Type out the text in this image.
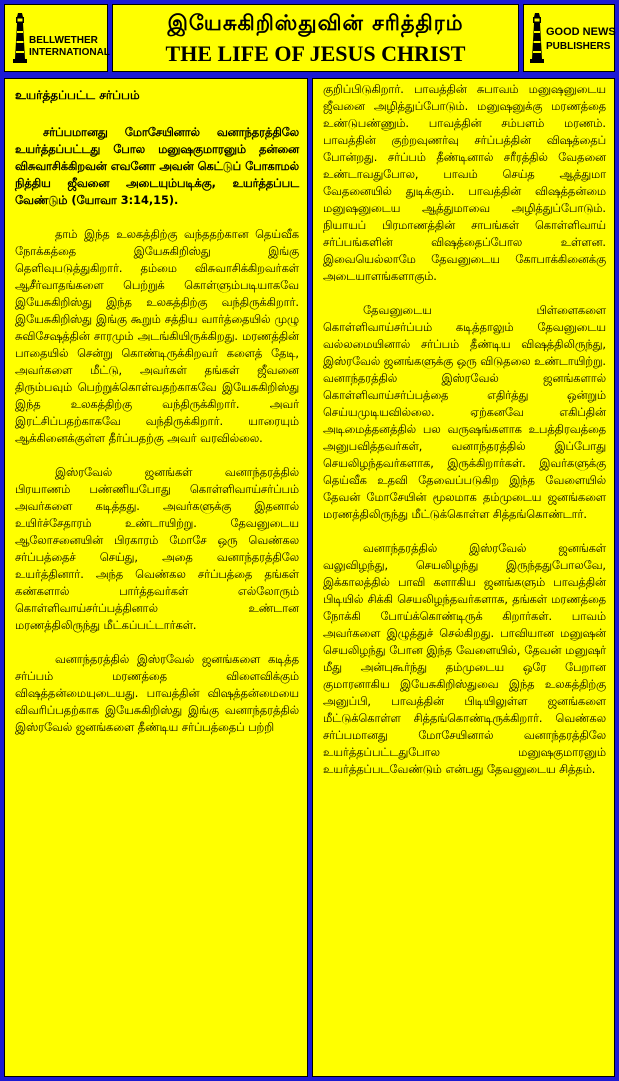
BELLWETHER
INTERNATIONAL
இயேசுகிறிஸ்துவின் சரித்திரம்
THE LIFE OF JESUS CHRIST
GOOD NEWS
PUBLISHERS

உயர்த்தப்பட்ட சர்ப்பம்

சர்ப்பமானது மோசேயினால் வனாந்தரத்திலே உயர்த்தப்பட்டது போல மனுஷகுமாரனும் தன்னை விசுவாசிக்கிறவன் எவனோ அவன் கெட்டுப் போகாமல் நித்திய ஜீவனை அடையும்படிக்கு, உயர்த்தப்பட வேண்டும் (யோவா 3:14,15).

தாம் இந்த உலகத்திற்கு வந்ததற்கான தெய்வீக நோக்கத்தை இயேசுகிறிஸ்து இங்கு தெளிவுபடுத்துகிறார். தம்மை விசுவாசிக்கிறவர்கள் ஆசீர்வாதங்களை பெற்றுக் கொள்ளும்படியாகவே இயேசுகிறிஸ்து இந்த உலகத்திற்கு வந்திருக்கிறார். இயேசுகிறிஸ்து இங்கு கூறும் சத்திய வார்த்தையில் முழு சுவிசேஷத்தின் சாரமும் அடங்கியிருக்கிறது. மரணத்தின் பாதையில் சென்று கொண்டிருக்கிறவர் களைத் தேடி, அவர்களை மீட்டு, அவர்கள் தங்கள் ஜீவனை திரும்பவும் பெற்றுக்கொள்வதற்காகவே இயேசுகிறிஸ்து இந்த உலகத்திற்கு வந்திருக்கிறார். அவர் இரட்சிப்பதற்காகவே வந்திருக்கிறார். யாரையும் ஆக்கினைக்குள்ள தீர்ப்பதற்கு அவர் வரவில்லை.

இஸ்ரவேல் ஜனங்கள் வனாந்தரத்தில் பிரயாணம் பண்ணியபோது கொள்ளிவாய்சர்ப்பம் அவர்களை கடித்தது. அவர்களுக்கு இதனால் உயிர்ச்சேதாரம் உண்டாயிற்று. தேவனுடைய ஆலோசனையின் பிரகாரம் மோசே ஒரு வெண்கல சர்ப்பத்தைச் செய்து, அதை வனாந்தரத்திலே உயர்த்தினார். அந்த வெண்கல சர்ப்பத்தை தங்கள் கண்களால் பார்த்தவர்கள் எல்லோரும் கொள்ளிவாய்சர்ப்பத்தினால் உண்டான மரணத்திலிருந்து மீட்கப்பட்டார்கள்.

வனாந்தரத்தில் இஸ்ரவேல் ஜனங்களை கடித்த சர்ப்பம் மரணத்தை விளைவிக்கும் விஷத்தன்மையுடையது. பாவத்தின் விஷத்தன்மையை விவரிப்பதற்காக இயேசுகிறிஸ்து இங்கு வனாந்தரத்தில் இஸ்ரவேல் ஜனங்களை தீண்டிய சர்ப்பத்தைப் பற்றி

குறிப்பிடுகிறார். பாவத்தின் சுபாவம் மனுஷனுடைய ஜீவனை அழித்துப்போடும். மனுஷனுக்கு மரணத்தை உண்டுபண்ணும். பாவத்தின் சம்பளம் மரணம். பாவத்தின் குற்றவுணர்வு சர்ப்பத்தின் விஷத்தைப் போன்றது. சர்ப்பம் தீண்டினால் சரீரத்தில் வேதனை உண்டாவதுபோல, பாவம் செய்த ஆத்துமா வேதனையில் துடிக்கும். பாவத்தின் விஷத்தன்மை மனுஷனுடைய ஆத்துமாவை அழித்துப்போடும். நியாயப் பிரமாணத்தின் சாபங்கள் கொள்ளிவாய் சர்ப்பங்களின் விஷத்தைப்போல உள்ளன. இவையெல்லாமே தேவனுடைய கோபாக்கினைக்கு அடையாளங்களாகும்.

தேவனுடைய பிள்ளைகளை கொள்ளிவாய்சர்ப்பம் கடித்தாலும் தேவனுடைய வல்லமையினால் சர்ப்பம் தீண்டிய விஷத்திலிருந்து, இஸ்ரவேல் ஜனங்களுக்கு ஒரு விடுதலை உண்டாயிற்று. வனாந்தரத்தில் இஸ்ரவேல் ஜனங்களால் கொள்ளிவாய்சர்ப்பத்தை எதிர்த்து ஒன்றும் செய்யமுடியவில்லை. ஏற்கனவே எகிப்தின் அடிமைத்தனத்தில் பல வருஷங்களாக உபத்திரவத்தை அனுபவித்தவர்கள், வனாந்தரத்தில் இப்போது செயலிழந்தவர்களாக, இருக்கிறார்கள். இவர்களுக்கு தெய்வீக உதவி தேவைப்படுகிற இந்த வேளையில் தேவன் மோசேயின் மூலமாக தம்முடைய ஜனங்களை மரணத்திலிருந்து மீட்டுக்கொள்ள சித்தங்கொண்டார்.

வனாந்தரத்தில் இஸ்ரவேல் ஜனங்கள் வலுவிழந்து, செயலிழந்து இருந்ததுபோலவே, இக்காலத்தில் பாவி களாகிய ஜனங்களும் பாவத்தின் பிடியில் சிக்கி செயலிழந்தவர்களாக, தங்கள் மரணத்தை நோக்கி போய்க்கொண்டிருக் கிறார்கள். பாவம் அவர்களை இழுத்துச் செல்கிறது. பாவியான மனுஷன் செயலிழந்து போன இந்த வேளையில், தேவன் மனுஷர் மீது அன்புகூர்ந்து தம்முடைய ஒரே பேறான குமாரனாகிய இயேசுகிறிஸ்துவை இந்த உலகத்திற்கு அனுப்பி, பாவத்தின் பிடியிலுள்ள ஜனங்களை மீட்டுக்கொள்ள சித்தங்கொண்டிருக்கிறார். வெண்கல சர்ப்பமானது மோசேயினால் வனாந்தரத்திலே உயர்த்தப்பட்டதுபோல மனுஷகுமாரனும் உயர்த்தப்படவேண்டும் என்பது தேவனுடைய சித்தம்.
